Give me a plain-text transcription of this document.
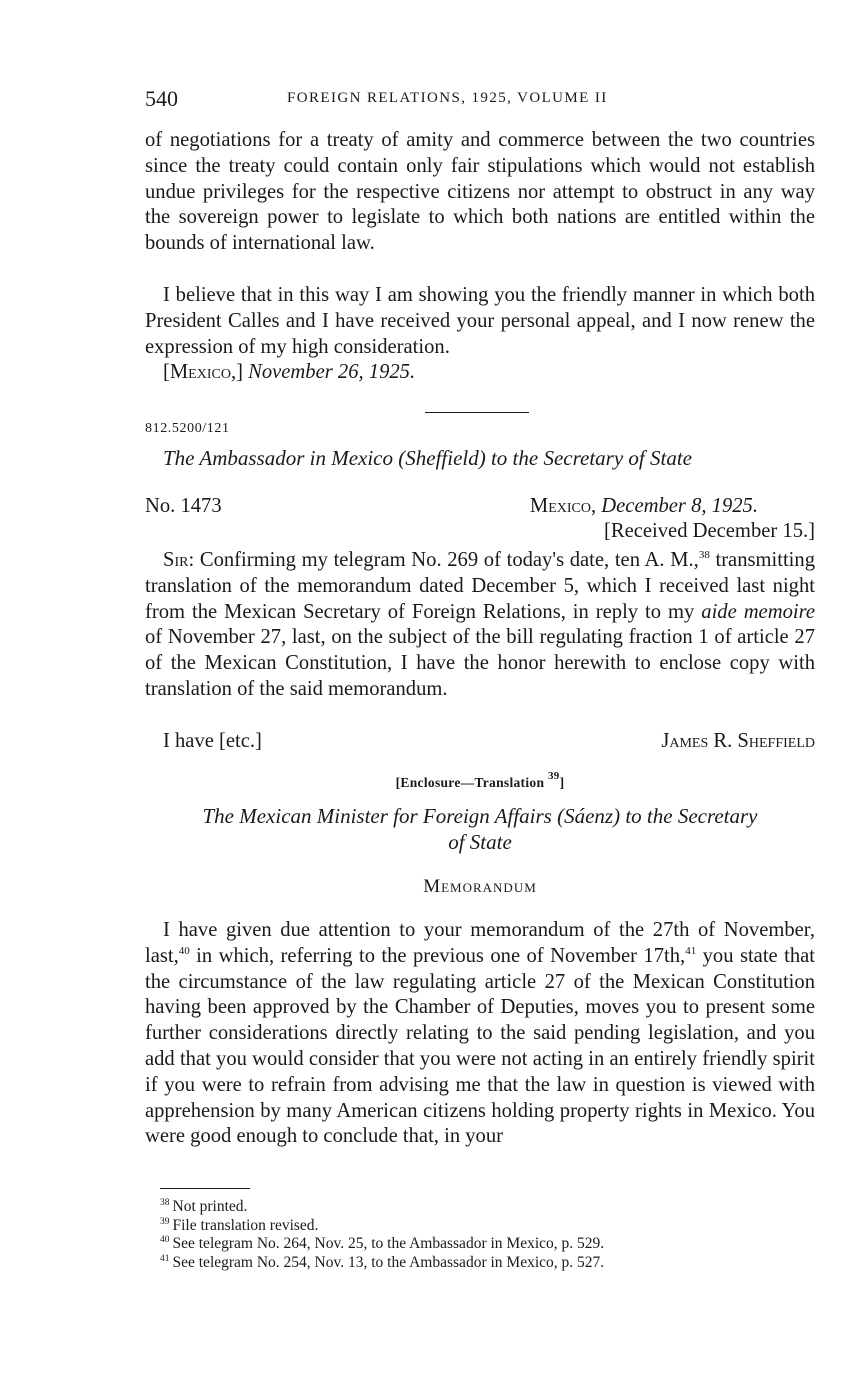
540	FOREIGN RELATIONS, 1925, VOLUME II
of negotiations for a treaty of amity and commerce between the two countries since the treaty could contain only fair stipulations which would not establish undue privileges for the respective citizens nor attempt to obstruct in any way the sovereign power to legislate to which both nations are entitled within the bounds of international law.
I believe that in this way I am showing you the friendly manner in which both President Calles and I have received your personal appeal, and I now renew the expression of my high consideration.
[Mexico,] November 26, 1925.
812.5200/121
The Ambassador in Mexico (Sheffield) to the Secretary of State
No. 1473	Mexico, December 8, 1925.
[Received December 15.]
Sir: Confirming my telegram No. 269 of today's date, ten A. M.,$^{38}$ transmitting translation of the memorandum dated December 5, which I received last night from the Mexican Secretary of Foreign Relations, in reply to my aide memoire of November 27, last, on the subject of the bill regulating fraction 1 of article 27 of the Mexican Constitution, I have the honor herewith to enclose copy with translation of the said memorandum.
I have [etc.]	James R. Sheffield
[Enclosure—Translation $^{39}$]
The Mexican Minister for Foreign Affairs (Sáenz) to the Secretary
of State
Memorandum
I have given due attention to your memorandum of the 27th of November, last,$^{40}$ in which, referring to the previous one of November 17th,$^{41}$ you state that the circumstance of the law regulating article 27 of the Mexican Constitution having been approved by the Chamber of Deputies, moves you to present some further considerations directly relating to the said pending legislation, and you add that you would consider that you were not acting in an entirely friendly spirit if you were to refrain from advising me that the law in question is viewed with apprehension by many American citizens holding property rights in Mexico. You were good enough to conclude that, in your
$^{38}$ Not printed.
$^{39}$ File translation revised.
$^{40}$ See telegram No. 264, Nov. 25, to the Ambassador in Mexico, p. 529.
$^{41}$ See telegram No. 254, Nov. 13, to the Ambassador in Mexico, p. 527.
